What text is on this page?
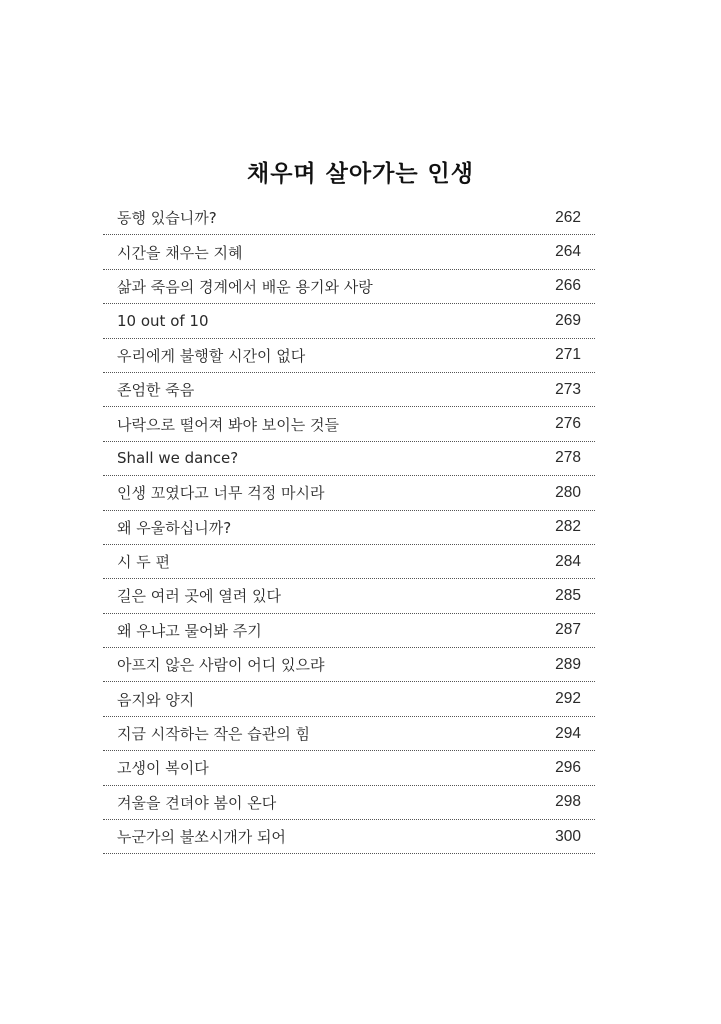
채우며 살아가는 인생
동행 있습니까?	262
시간을 채우는 지혜	264
삶과 죽음의 경계에서 배운 용기와 사랑	266
10 out of 10	269
우리에게 불행할 시간이 없다	271
존엄한 죽음	273
나락으로 떨어져 봐야 보이는 것들	276
Shall we dance?	278
인생 꼬였다고 너무 걱정 마시라	280
왜 우울하십니까?	282
시 두 편	284
길은 여러 곳에 열려 있다	285
왜 우냐고 물어봐 주기	287
아프지 않은 사람이 어디 있으랴	289
음지와 양지	292
지금 시작하는 작은 습관의 힘	294
고생이 복이다	296
겨울을 견뎌야 봄이 온다	298
누군가의 불쏘시개가 되어	300
